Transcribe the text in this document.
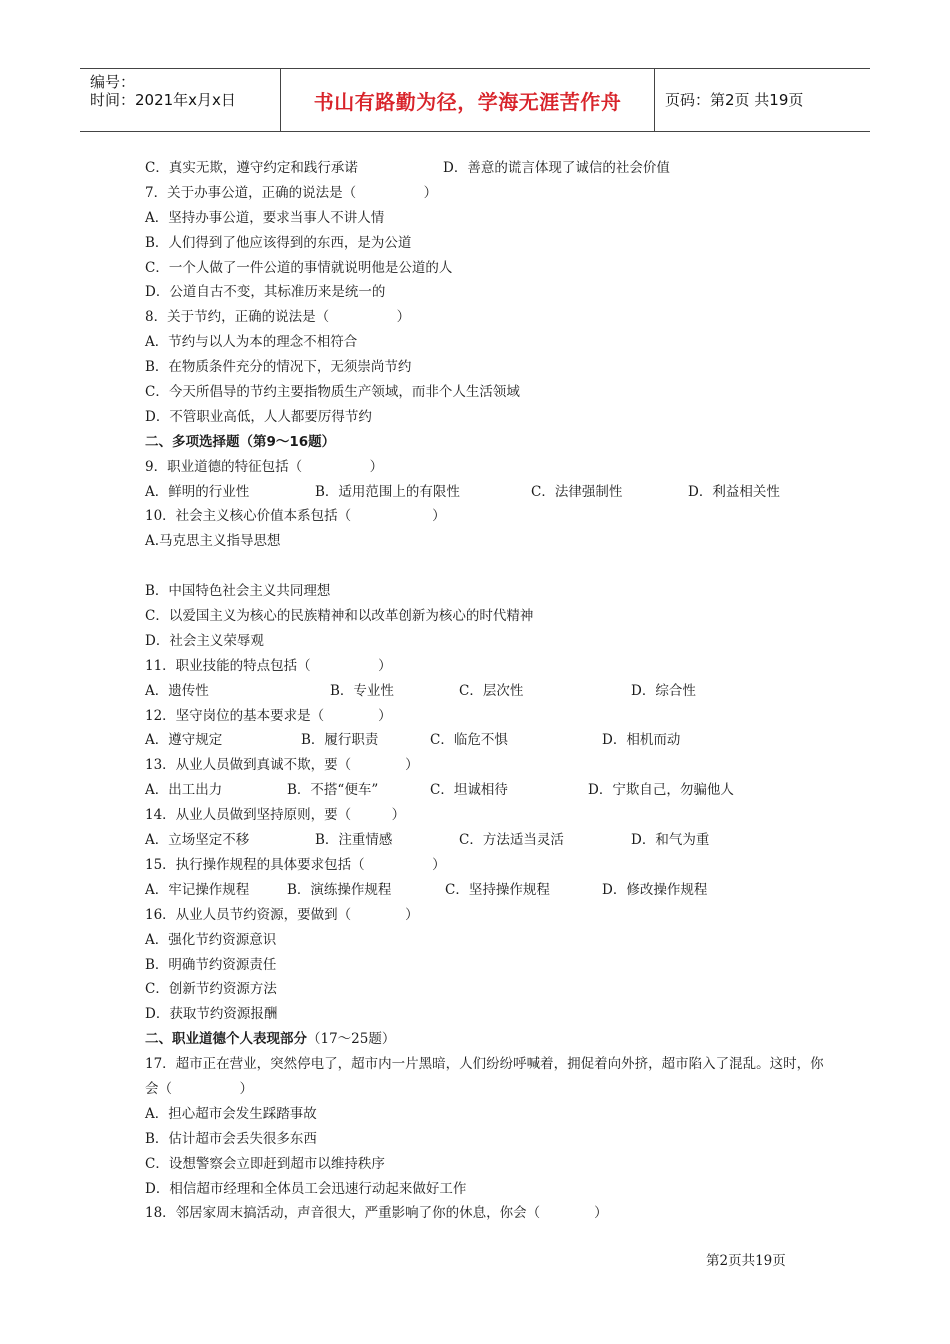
编号：
时间：2021年x月x日	书山有路勤为径，学海无涯苦作舟	页码：第2页 共19页
C．真实无欺，遵守约定和践行承诺	D．善意的谎言体现了诚信的社会价值
7．关于办事公道，正确的说法是（　　　　　）
A．坚持办事公道，要求当事人不讲人情
B．人们得到了他应该得到的东西，是为公道
C．一个人做了一件公道的事情就说明他是公道的人
D．公道自古不变，其标准历来是统一的
8．关于节约，正确的说法是（　　　　　）
A．节约与以人为本的理念不相符合
B．在物质条件充分的情况下，无须崇尚节约
C．今天所倡导的节约主要指物质生产领域，而非个人生活领域
D．不管职业高低，人人都要厉得节约
二、多项选择题（第9～16题）
9．职业道德的特征包括（　　　　　）
A．鲜明的行业性	B．适用范围上的有限性	C．法律强制性	D．利益相关性
10．社会主义核心价值本系包括（　　　　　　）
A.马克思主义指导思想
B．中国特色社会主义共同理想
C．以爱国主义为核心的民族精神和以改革创新为核心的时代精神
D．社会主义荣辱观
11．职业技能的特点包括（　　　　　）
A．遗传性	B．专业性	C．层次性	D．综合性
12．坚守岗位的基本要求是（　　　　）
A．遵守规定	B．履行职责	C．临危不惧	D．相机而动
13．从业人员做到真诚不欺，要（　　　　）
A．出工出力	B．不搭“便车”	C．坦诚相待	D．宁欺自己，勿骗他人
14．从业人员做到坚持原则，要（　　　）
A．立场坚定不移	B．注重情感	C．方法适当灵活	D．和气为重
15．执行操作规程的具体要求包括（　　　　　）
A．牢记操作规程	B．演练操作规程	C．坚持操作规程	D．修改操作规程
16．从业人员节约资源，要做到（　　　　）
A．强化节约资源意识
B．明确节约资源责任
C．创新节约资源方法
D．获取节约资源报酬
二、职业道德个人表现部分（17～25题）
17．超市正在营业，突然停电了，超市内一片黑暗，人们纷纷呼喊着，拥促着向外挤，超市陷入了混乱。这时，你会（　　　　　）
A．担心超市会发生踩踏事故
B．估计超市会丢失很多东西
C．设想警察会立即赶到超市以维持秩序
D．相信超市经理和全体员工会迅速行动起来做好工作
18．邻居家周末搞活动，声音很大，严重影响了你的休息，你会（　　　　）
第2页共19页
